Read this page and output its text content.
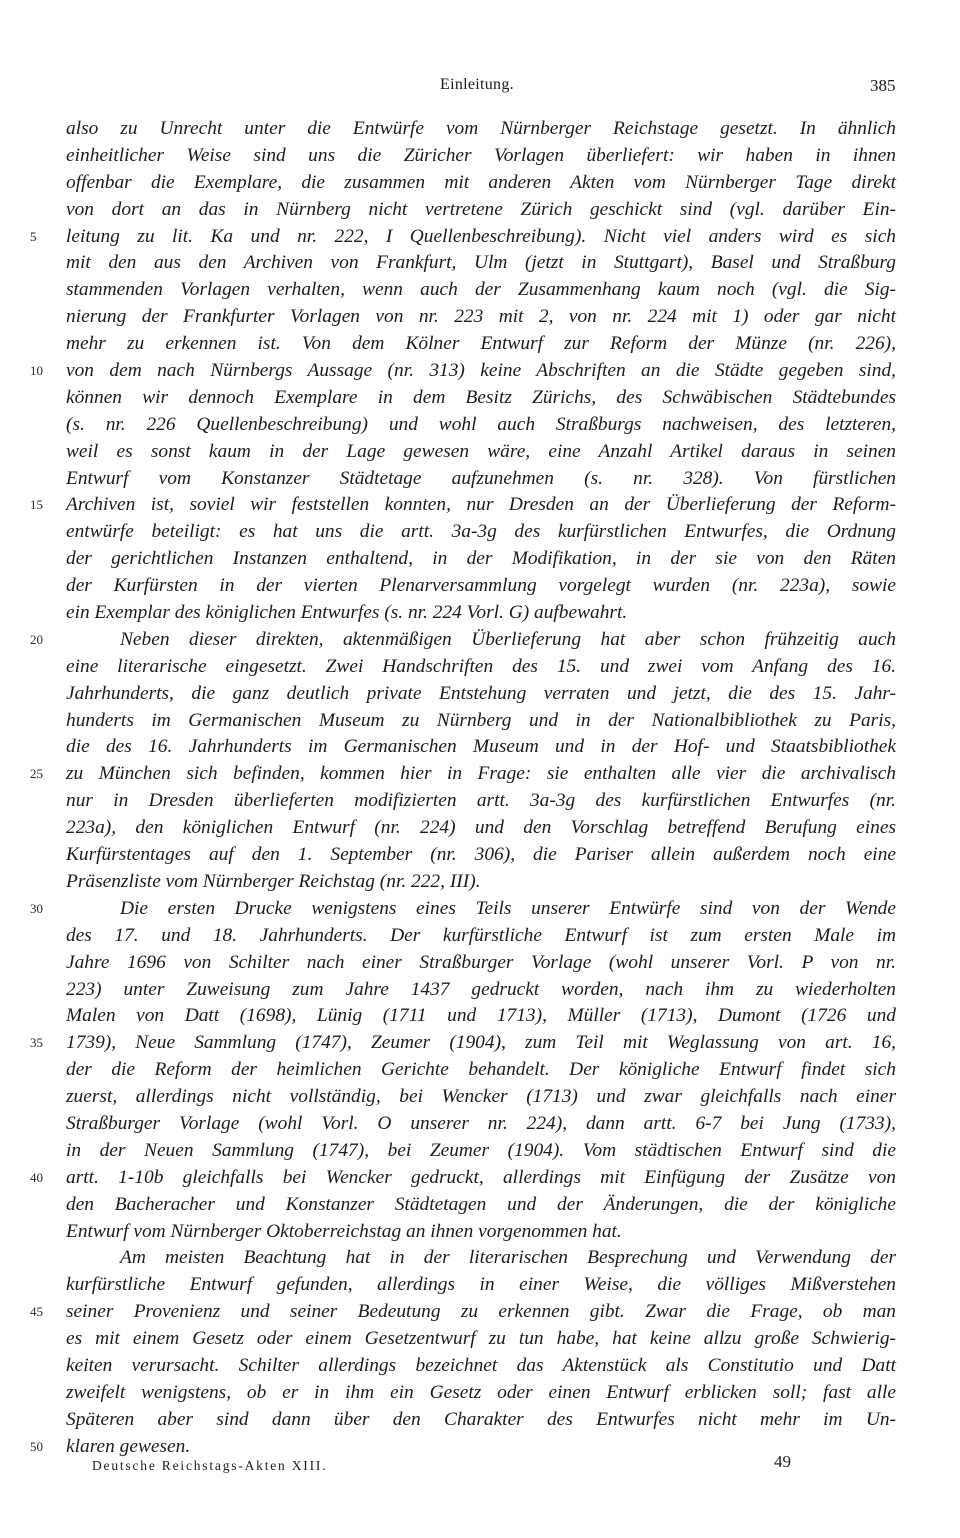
Einleitung.	385
also zu Unrecht unter die Entwürfe vom Nürnberger Reichstage gesetzt. In ähnlich
einheitlicher Weise sind uns die Züricher Vorlagen überliefert: wir haben in ihnen
offenbar die Exemplare, die zusammen mit anderen Akten vom Nürnberger Tage direkt
von dort an das in Nürnberg nicht vertretene Zürich geschickt sind (vgl. darüber Ein-
5	leitung zu lit. Ka und nr. 222, I Quellenbeschreibung). Nicht viel anders wird es sich
mit den aus den Archiven von Frankfurt, Ulm (jetzt in Stuttgart), Basel und Straßburg
stammenden Vorlagen verhalten, wenn auch der Zusammenhang kaum noch (vgl. die Sig-
nierung der Frankfurter Vorlagen von nr. 223 mit 2, von nr. 224 mit 1) oder gar nicht
mehr zu erkennen ist. Von dem Kölner Entwurf zur Reform der Münze (nr. 226),
10	von dem nach Nürnbergs Aussage (nr. 313) keine Abschriften an die Städte gegeben sind,
können wir dennoch Exemplare in dem Besitz Zürichs, des Schwäbischen Städtebundes
(s. nr. 226 Quellenbeschreibung) und wohl auch Straßburgs nachweisen, des letzteren,
weil es sonst kaum in der Lage gewesen wäre, eine Anzahl Artikel daraus in seinen
Entwurf vom Konstanzer Städtetage aufzunehmen (s. nr. 328). Von fürstlichen
15	Archiven ist, soviel wir feststellen konnten, nur Dresden an der Überlieferung der Reform-
entwürfe beteiligt: es hat uns die artt. 3a-3g des kurfürstlichen Entwurfes, die Ordnung
der gerichtlichen Instanzen enthaltend, in der Modifikation, in der sie von den Räten
der Kurfürsten in der vierten Plenarversammlung vorgelegt wurden (nr. 223a), sowie
ein Exemplar des königlichen Entwurfes (s. nr. 224 Vorl. G) aufbewahrt.
20	Neben dieser direkten, aktenmäßigen Überlieferung hat aber schon frühzeitig auch
eine literarische eingesetzt. Zwei Handschriften des 15. und zwei vom Anfang des 16.
Jahrhunderts, die ganz deutlich private Entstehung verraten und jetzt, die des 15. Jahr-
hunderts im Germanischen Museum zu Nürnberg und in der Nationalbibliothek zu Paris,
die des 16. Jahrhunderts im Germanischen Museum und in der Hof- und Staatsbibliothek
25	zu München sich befinden, kommen hier in Frage: sie enthalten alle vier die archivalisch
nur in Dresden überlieferten modifizierten artt. 3a-3g des kurfürstlichen Entwurfes (nr.
223a), den königlichen Entwurf (nr. 224) und den Vorschlag betreffend Berufung eines
Kurfürstentages auf den 1. September (nr. 306), die Pariser allein außerdem noch eine
Präsenzliste vom Nürnberger Reichstag (nr. 222, III).
30	Die ersten Drucke wenigstens eines Teils unserer Entwürfe sind von der Wende
des 17. und 18. Jahrhunderts. Der kurfürstliche Entwurf ist zum ersten Male im
Jahre 1696 von Schilter nach einer Straßburger Vorlage (wohl unserer Vorl. P von nr.
223) unter Zuweisung zum Jahre 1437 gedruckt worden, nach ihm zu wiederholten
Malen von Datt (1698), Lünig (1711 und 1713), Müller (1713), Dumont (1726 und
35	1739), Neue Sammlung (1747), Zeumer (1904), zum Teil mit Weglassung von art. 16,
der die Reform der heimlichen Gerichte behandelt. Der königliche Entwurf findet sich
zuerst, allerdings nicht vollständig, bei Wencker (1713) und zwar gleichfalls nach einer
Straßburger Vorlage (wohl Vorl. O unserer nr. 224), dann artt. 6-7 bei Jung (1733),
in der Neuen Sammlung (1747), bei Zeumer (1904). Vom städtischen Entwurf sind die
40	artt. 1-10b gleichfalls bei Wencker gedruckt, allerdings mit Einfügung der Zusätze von
den Bacheracher und Konstanzer Städtetagen und der Änderungen, die der königliche
Entwurf vom Nürnberger Oktoberreichstag an ihnen vorgenommen hat.
Am meisten Beachtung hat in der literarischen Besprechung und Verwendung der
kurfürstliche Entwurf gefunden, allerdings in einer Weise, die völliges Mißverstehen
45	seiner Provenienz und seiner Bedeutung zu erkennen gibt. Zwar die Frage, ob man
es mit einem Gesetz oder einem Gesetzentwurf zu tun habe, hat keine allzu große Schwierig-
keiten verursacht. Schilter allerdings bezeichnet das Aktenstück als Constitutio und Datt
zweifelt wenigstens, ob er in ihm ein Gesetz oder einen Entwurf erblicken soll; fast alle
Späteren aber sind dann über den Charakter des Entwurfes nicht mehr im Un-
50	klaren gewesen.
Deutsche Reichstags-Akten XIII.	49
